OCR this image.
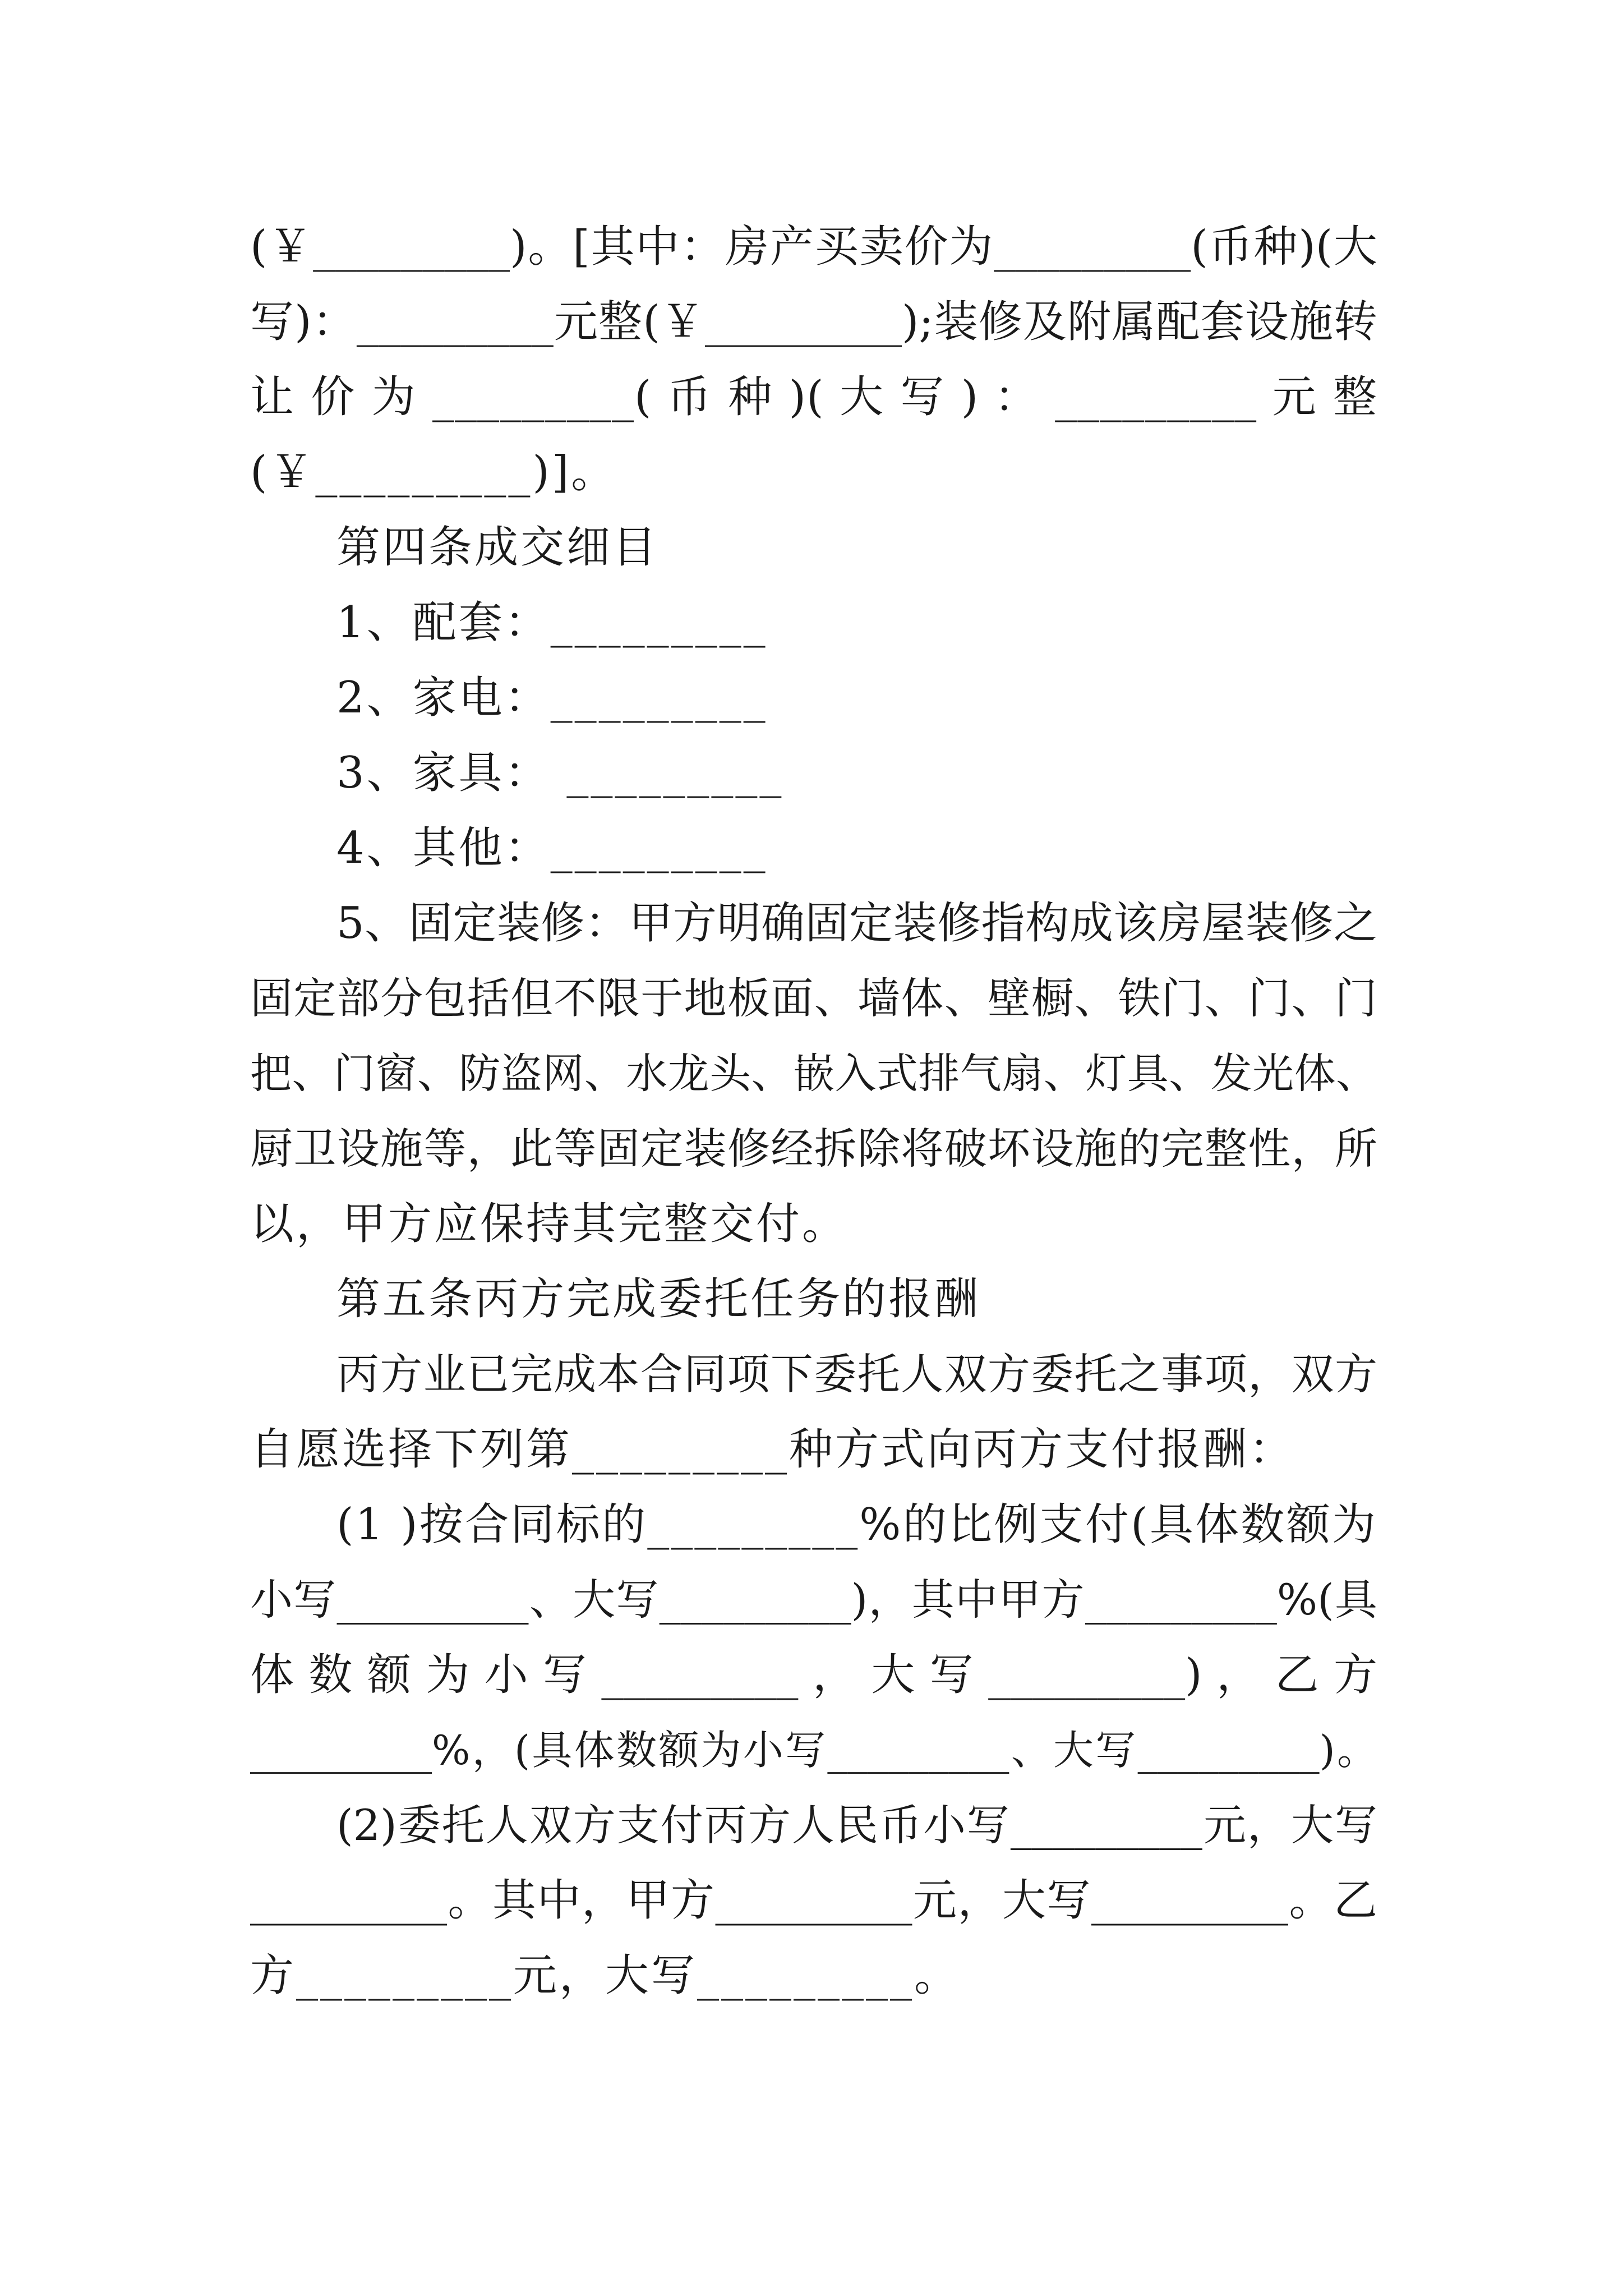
(￥_________)。[其中：房产买卖价为_________(币种)(大
写)：_________元整(￥_________);装修及附属配套设施转
让 价 为 _________( 币 种 )( 大 写 ) ： _________ 元 整
(￥_________)]。
第四条成交细目
1、配套：_________
2、家电：_________
3、家具： _________
4、其他：_________
5、固定装修：甲方明确固定装修指构成该房屋装修之
固定部分包括但不限于地板面、墙体、壁橱、铁门、门、门
把、门窗、防盗网、水龙头、嵌入式排气扇、灯具、发光体、
厨卫设施等，此等固定装修经拆除将破坏设施的完整性，所
以，甲方应保持其完整交付。
第五条丙方完成委托任务的报酬
丙方业已完成本合同项下委托人双方委托之事项，双方
自愿选择下列第_________种方式向丙方支付报酬：
(1 )按合同标的_________%的比例支付(具体数额为
小写_________、大写_________)，其中甲方_________%(具
体 数 额 为 小 写 _________ ， 大 写 _________) ， 乙 方
_________%，(具体数额为小写_________、大写_________)。
(2)委托人双方支付丙方人民币小写_________元，大写
_________。其中，甲方_________元，大写_________。乙
方_________元，大写_________。
